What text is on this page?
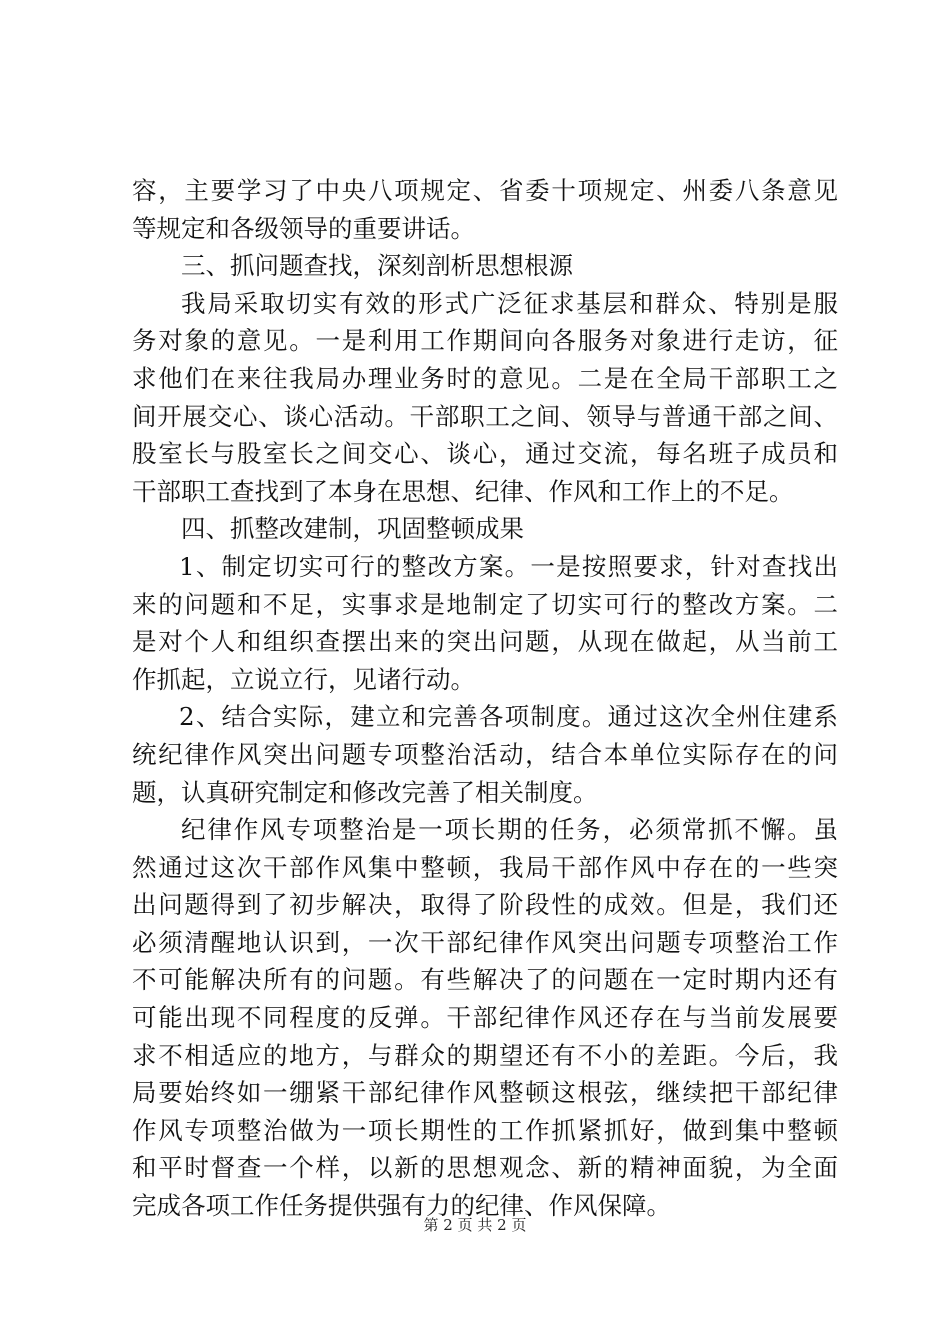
容，主要学习了中央八项规定、省委十项规定、州委八条意见
等规定和各级领导的重要讲话。
三、抓问题查找，深刻剖析思想根源
我局采取切实有效的形式广泛征求基层和群众、特别是服
务对象的意见。一是利用工作期间向各服务对象进行走访，征
求他们在来往我局办理业务时的意见。二是在全局干部职工之
间开展交心、谈心活动。干部职工之间、领导与普通干部之间、
股室长与股室长之间交心、谈心，通过交流，每名班子成员和
干部职工查找到了本身在思想、纪律、作风和工作上的不足。
四、抓整改建制，巩固整顿成果
1、制定切实可行的整改方案。一是按照要求，针对查找出
来的问题和不足，实事求是地制定了切实可行的整改方案。二
是对个人和组织查摆出来的突出问题，从现在做起，从当前工
作抓起，立说立行，见诸行动。
2、结合实际，建立和完善各项制度。通过这次全州住建系
统纪律作风突出问题专项整治活动，结合本单位实际存在的问
题，认真研究制定和修改完善了相关制度。
纪律作风专项整治是一项长期的任务，必须常抓不懈。虽
然通过这次干部作风集中整顿，我局干部作风中存在的一些突
出问题得到了初步解决，取得了阶段性的成效。但是，我们还
必须清醒地认识到，一次干部纪律作风突出问题专项整治工作
不可能解决所有的问题。有些解决了的问题在一定时期内还有
可能出现不同程度的反弹。干部纪律作风还存在与当前发展要
求不相适应的地方，与群众的期望还有不小的差距。今后，我
局要始终如一绷紧干部纪律作风整顿这根弦，继续把干部纪律
作风专项整治做为一项长期性的工作抓紧抓好，做到集中整顿
和平时督查一个样，以新的思想观念、新的精神面貌，为全面
完成各项工作任务提供强有力的纪律、作风保障。
第 2 页 共 2 页
